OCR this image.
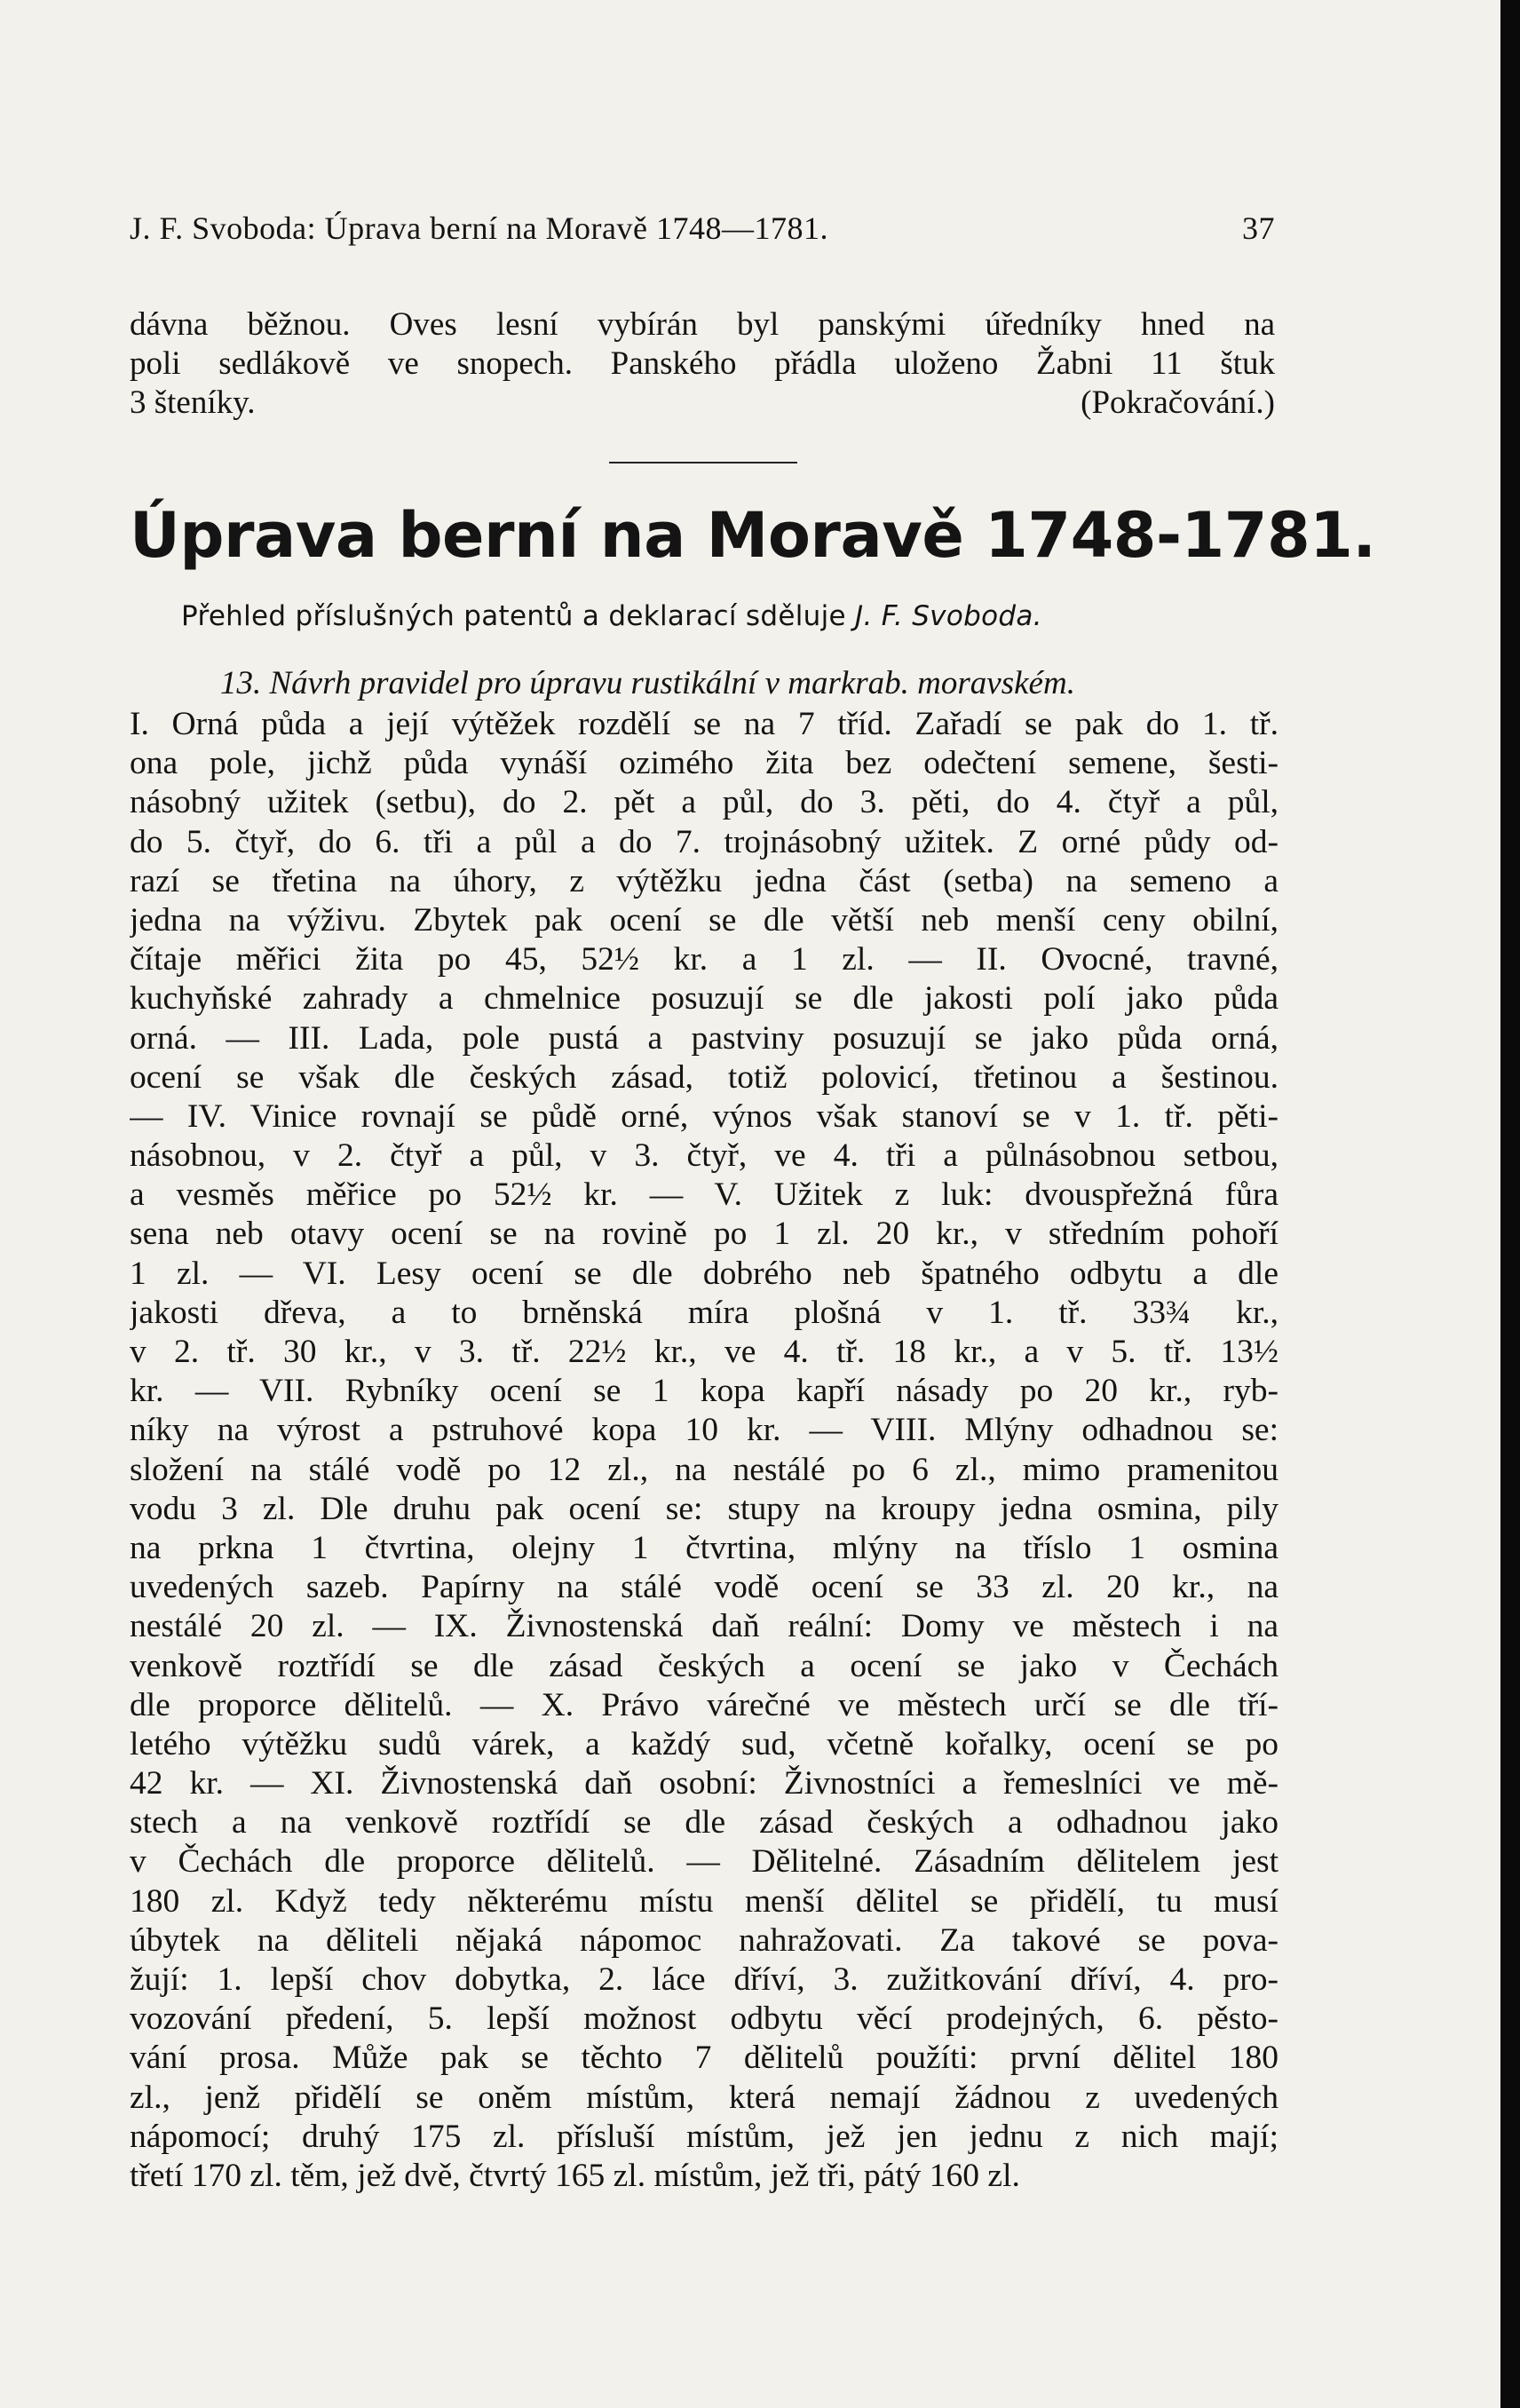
J. F. Svoboda: Úprava berní na Moravě 1748—1781.	37
dávna běžnou. Oves lesní vybírán byl panskými úředníky hned na
poli sedlákově ve snopech. Panského přádla uloženo Žabni 11 štuk
3 šteníky.	(Pokračování.)
Úprava berní na Moravě 1748-1781.
Přehled příslušných patentů a deklarací sděluje J. F. Svoboda.
13. Návrh pravidel pro úpravu rustikální v markrab. moravském.
I. Orná půda a její výtěžek rozdělí se na 7 tříd. Zařadí se pak do 1. tř.
ona pole, jichž půda vynáší ozimého žita bez odečtení semene, šesti-
násobný užitek (setbu), do 2. pět a půl, do 3. pěti, do 4. čtyř a půl,
do 5. čtyř, do 6. tři a půl a do 7. trojnásobný užitek. Z orné půdy od-
razí se třetina na úhory, z výtěžku jedna část (setba) na semeno a
jedna na výživu. Zbytek pak ocení se dle větší neb menší ceny obilní,
čítaje měřici žita po 45, 52½ kr. a 1 zl. — II. Ovocné, travné,
kuchyňské zahrady a chmelnice posuzují se dle jakosti polí jako půda
orná. — III. Lada, pole pustá a pastviny posuzují se jako půda orná,
ocení se však dle českých zásad, totiž polovicí, třetinou a šestinou.
— IV. Vinice rovnají se půdě orné, výnos však stanoví se v 1. tř. pěti-
násobnou, v 2. čtyř a půl, v 3. čtyř, ve 4. tři a půlnásobnou setbou,
a vesměs měřice po 52½ kr. — V. Užitek z luk: dvouspřežná fůra
sena neb otavy ocení se na rovině po 1 zl. 20 kr., v středním pohoří
1 zl. — VI. Lesy ocení se dle dobrého neb špatného odbytu a dle
jakosti dřeva, a to brněnská míra plošná v 1. tř. 33¾ kr.,
v 2. tř. 30 kr., v 3. tř. 22½ kr., ve 4. tř. 18 kr., a v 5. tř. 13½
kr. — VII. Rybníky ocení se 1 kopa kapří násady po 20 kr., ryb-
níky na výrost a pstruhové kopa 10 kr. — VIII. Mlýny odhadnou se:
složení na stálé vodě po 12 zl., na nestálé po 6 zl., mimo pramenitou
vodu 3 zl. Dle druhu pak ocení se: stupy na kroupy jedna osmina, pily
na prkna 1 čtvrtina, olejny 1 čtvrtina, mlýny na tříslo 1 osmina
uvedených sazeb. Papírny na stálé vodě ocení se 33 zl. 20 kr., na
nestálé 20 zl. — IX. Živnostenská daň reální: Domy ve městech i na
venkově roztřídí se dle zásad českých a ocení se jako v Čechách
dle proporce dělitelů. — X. Právo várečné ve městech určí se dle tří-
letého výtěžku sudů várek, a každý sud, včetně kořalky, ocení se po
42 kr. — XI. Živnostenská daň osobní: Živnostníci a řemeslníci ve mě-
stech a na venkově roztřídí se dle zásad českých a odhadnou jako
v Čechách dle proporce dělitelů. — Dělitelné. Zásadním dělitelem jest
180 zl. Když tedy některému místu menší dělitel se přidělí, tu musí
úbytek na děliteli nějaká nápomoc nahražovati. Za takové se pova-
žují: 1. lepší chov dobytka, 2. láce dříví, 3. zužitkování dříví, 4. pro-
vozování předení, 5. lepší možnost odbytu věcí prodejných, 6. pěsto-
vání prosa. Může pak se těchto 7 dělitelů použíti: první dělitel 180
zl., jenž přidělí se oněm místům, která nemají žádnou z uvedených
nápomocí; druhý 175 zl. přísluší místům, jež jen jednu z nich mají;
třetí 170 zl. těm, jež dvě, čtvrtý 165 zl. místům, jež tři, pátý 160 zl.
